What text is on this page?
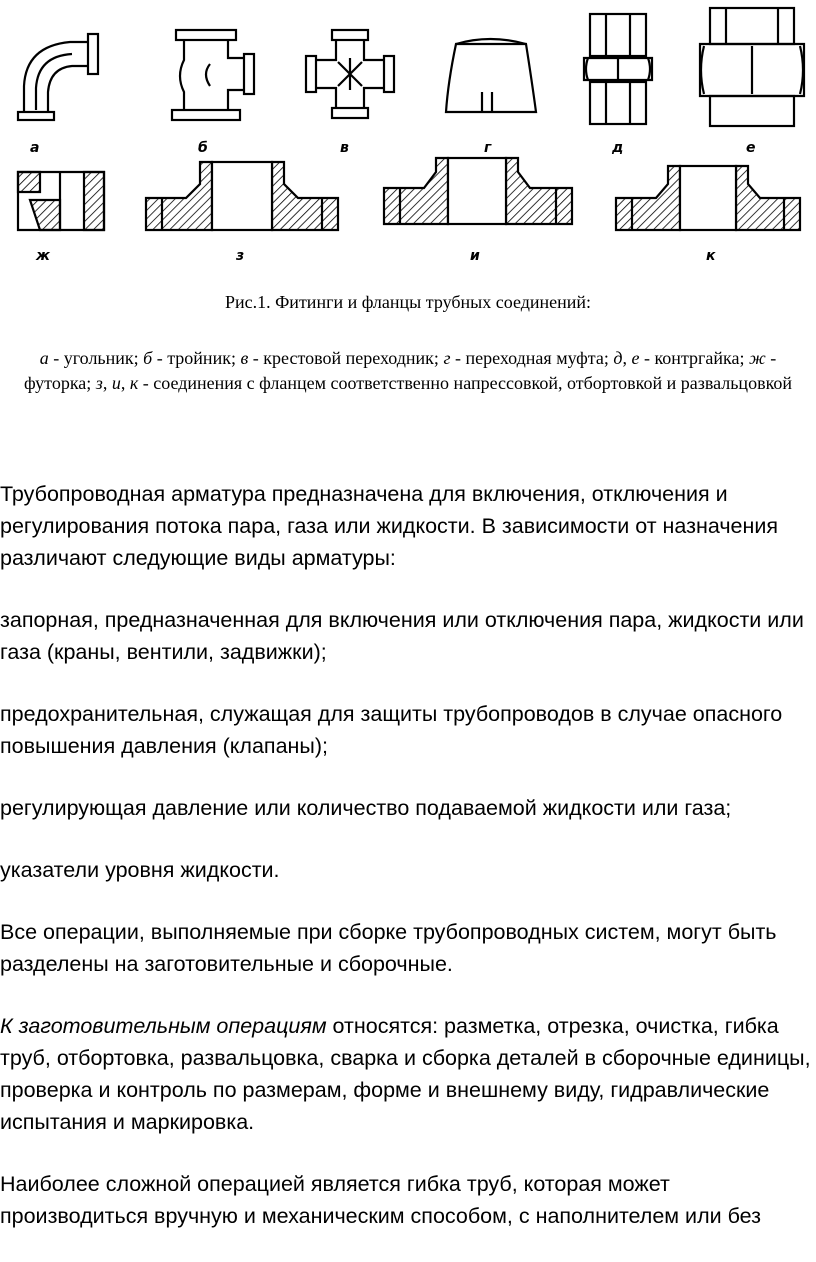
а	б	в	г	д	е
ж	з	и	к
Рис.1. Фитинги и фланцы трубных соединений:
а - угольник; б - тройник; в - крестовой переходник; г - переходная муфта; д, е - контргайка; ж - футорка; з, и, к - соединения с фланцем соответственно напрессовкой, отбортовкой и развальцовкой

Трубопроводная арматура предназначена для включения, отключения и регулирования потока пара, газа или жидкости. В зависимости от назначения различают следующие виды арматуры:

запорная, предназначенная для включения или отключения пара, жидкости или газа (краны, вентили, задвижки);

предохранительная, служащая для защиты трубопроводов в случае опасного повышения давления (клапаны);

регулирующая давление или количество подаваемой жидкости или газа;

указатели уровня жидкости.

Все операции, выполняемые при сборке трубопроводных систем, могут быть разделены на заготовительные и сборочные.

К заготовительным операциям относятся: разметка, отрезка, очистка, гибка труб, отбортовка, развальцовка, сварка и сборка деталей в сборочные единицы, проверка и контроль по размерам, форме и внешнему виду, гидравлические испытания и маркировка.

Наиболее сложной операцией является гибка труб, которая может производиться вручную и механическим способом, с наполнителем или без
